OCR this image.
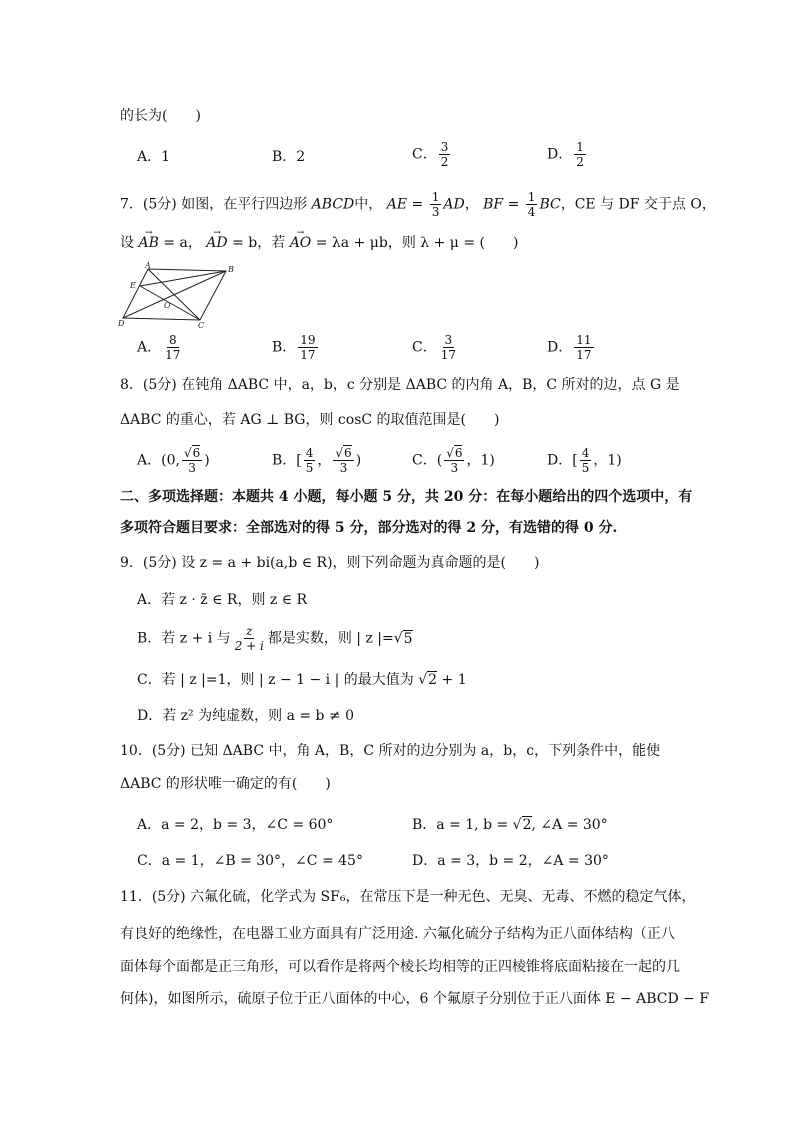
的长为(　　)
A．1	B．2	C． $\frac{3}{2}$	D． $\frac{1}{2}$
7．(5分) 如图，在平行四边形 ABCD中， AE = $\frac{1}{3}$ AD， BF = $\frac{1}{4}$ BC，CE 与 DF 交于点 O，
设 → AB = a， → AD = b，若 → AO = λa + μb，则 λ + μ = (　　)
A	B
E
O
D	C
A． $\frac{8}{17}$	B． $\frac{19}{17}$	C． $\frac{3}{17}$	D． $\frac{11}{17}$
8．(5分) 在钝角 ΔABC 中，a，b，c 分别是 ΔABC 的内角 A，B，C 所对的边，点 G 是
ΔABC 的重心，若 AG ⊥ BG，则 cosC 的取值范围是(　　)
A．(0, $\frac{√6}{3}$ )	B．[ $\frac{4}{5}$ ， $\frac{√6}{3}$ )	C．( $\frac{√6}{3}$ ，1)	D．[ $\frac{4}{5}$ ，1)
二、多项选择题：本题共 4 小题，每小题 5 分，共 20 分：在每小题给出的四个选项中，有
多项符合题目要求：全部选对的得 5 分，部分选对的得 2 分，有选错的得 0 分.
9．(5分) 设 z = a + bi(a,b ∈ R)，则下列命题为真命题的是(　　)
A．若 z · z̄ ∈ R，则 z ∈ R
B．若 z + i 与 $\frac{z}{2 + i}$ 都是实数，则 | z |=√5
C．若 | z |=1，则 | z − 1 − i | 的最大值为 √2 + 1
D．若 z² 为纯虚数，则 a = b ≠ 0
10．(5分) 已知 ΔABC 中，角 A，B，C 所对的边分别为 a，b，c，下列条件中，能使
ΔABC 的形状唯一确定的有(　　)
A．a = 2，b = 3，∠C = 60°	B．a = 1, b = √2, ∠A = 30°
C．a = 1，∠B = 30°，∠C = 45°	D．a = 3，b = 2，∠A = 30°
11．(5分) 六氟化硫，化学式为 SF₆，在常压下是一种无色、无臭、无毒、不燃的稳定气体，
有良好的绝缘性，在电器工业方面具有广泛用途. 六氟化硫分子结构为正八面体结构（正八
面体每个面都是正三角形，可以看作是将两个棱长均相等的正四棱锥将底面粘接在一起的几
何体)，如图所示，硫原子位于正八面体的中心，6 个氟原子分别位于正八面体 E − ABCD − F
